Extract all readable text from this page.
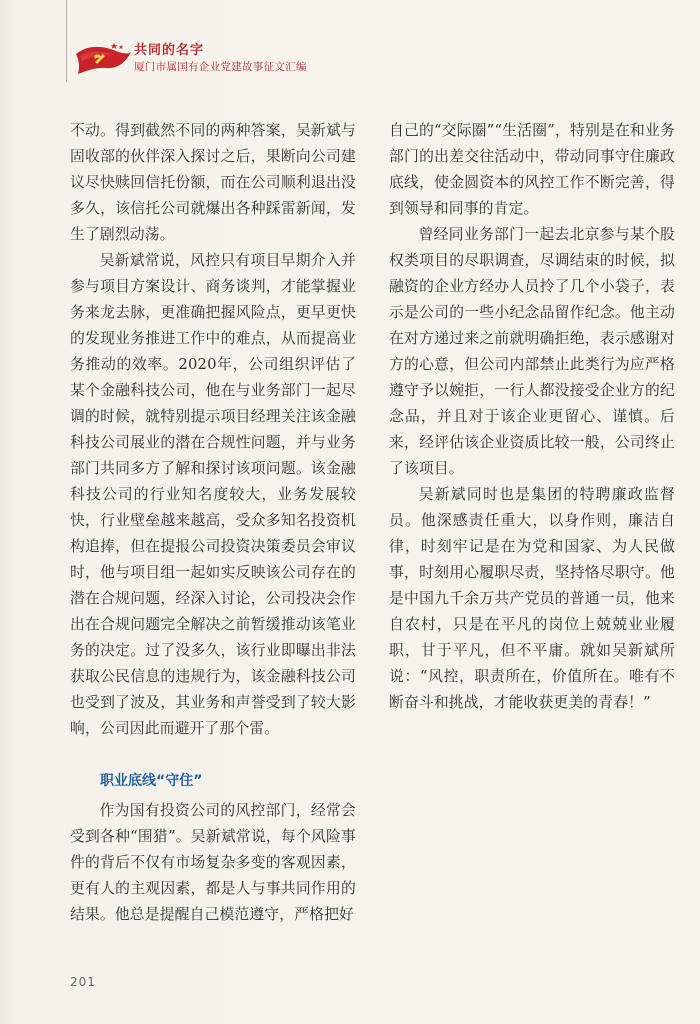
共同的名字
厦门市属国有企业党建故事征文汇编

不动。得到截然不同的两种答案，吴新斌与固收部的伙伴深入探讨之后，果断向公司建议尽快赎回信托份额，而在公司顺利退出没多久，该信托公司就爆出各种踩雷新闻，发生了剧烈动荡。

吴新斌常说，风控只有项目早期介入并参与项目方案设计、商务谈判，才能掌握业务来龙去脉，更准确把握风险点，更早更快的发现业务推进工作中的难点，从而提高业务推动的效率。2020年，公司组织评估了某个金融科技公司，他在与业务部门一起尽调的时候，就特别提示项目经理关注该金融科技公司展业的潜在合规性问题，并与业务部门共同多方了解和探讨该项问题。该金融科技公司的行业知名度较大，业务发展较快，行业壁垒越来越高，受众多知名投资机构追捧，但在提报公司投资决策委员会审议时，他与项目组一起如实反映该公司存在的潜在合规问题，经深入讨论，公司投决会作出在合规问题完全解决之前暂缓推动该笔业务的决定。过了没多久，该行业即曝出非法获取公民信息的违规行为，该金融科技公司也受到了波及，其业务和声誉受到了较大影响，公司因此而避开了那个雷。

职业底线“守住”

作为国有投资公司的风控部门，经常会受到各种“围猎”。吴新斌常说，每个风险事件的背后不仅有市场复杂多变的客观因素，更有人的主观因素，都是人与事共同作用的结果。他总是提醒自己模范遵守，严格把好

自己的“交际圈”“生活圈”，特别是在和业务部门的出差交往活动中，带动同事守住廉政底线，使金圆资本的风控工作不断完善，得到领导和同事的肯定。

曾经同业务部门一起去北京参与某个股权类项目的尽职调查，尽调结束的时候，拟融资的企业方经办人员拎了几个小袋子，表示是公司的一些小纪念品留作纪念。他主动在对方递过来之前就明确拒绝，表示感谢对方的心意，但公司内部禁止此类行为应严格遵守予以婉拒，一行人都没接受企业方的纪念品，并且对于该企业更留心、谨慎。后来，经评估该企业资质比较一般，公司终止了该项目。

吴新斌同时也是集团的特聘廉政监督员。他深感责任重大，以身作则，廉洁自律，时刻牢记是在为党和国家、为人民做事，时刻用心履职尽责，坚持恪尽职守。他是中国九千余万共产党员的普通一员，他来自农村，只是在平凡的岗位上兢兢业业履职，甘于平凡，但不平庸。就如吴新斌所说：“风控，职责所在，价值所在。唯有不断奋斗和挑战，才能收获更美的青春！”

201
